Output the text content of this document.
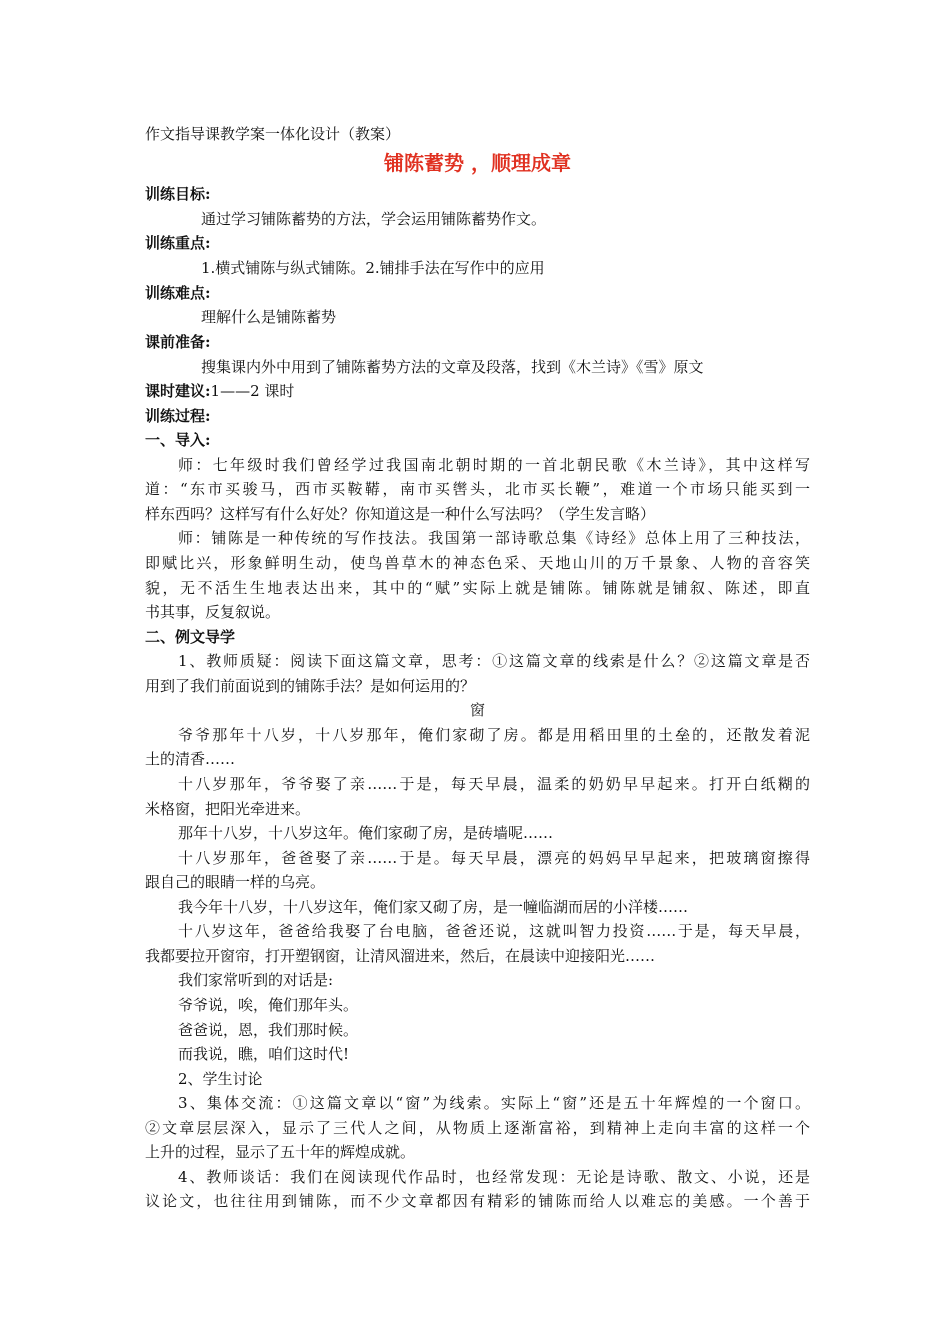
作文指导课教学案一体化设计（教案）
铺陈蓄势 ，顺理成章
训练目标:
通过学习铺陈蓄势的方法，学会运用铺陈蓄势作文。
训练重点:
1.横式铺陈与纵式铺陈。2.铺排手法在写作中的应用
训练难点:
理解什么是铺陈蓄势
课前准备:
搜集课内外中用到了铺陈蓄势方法的文章及段落，找到《木兰诗》《雪》原文
课时建议:1——2 课时
训练过程:
一、导入:
师：七年级时我们曾经学过我国南北朝时期的一首北朝民歌《木兰诗》，其中这样写
道：“东市买骏马，西市买鞍鞯，南市买辔头，北市买长鞭”，难道一个市场只能买到一
样东西吗？这样写有什么好处？你知道这是一种什么写法吗？（学生发言略）
师：铺陈是一种传统的写作技法。我国第一部诗歌总集《诗经》总体上用了三种技法，
即赋比兴，形象鲜明生动，使鸟兽草木的神态色采、天地山川的万千景象、人物的音容笑
貌，无不活生生地表达出来，其中的“赋”实际上就是铺陈。铺陈就是铺叙、陈述，即直
书其事，反复叙说。
二、例文导学
1、教师质疑：阅读下面这篇文章，思考：①这篇文章的线索是什么？②这篇文章是否
用到了我们前面说到的铺陈手法？是如何运用的？
窗
爷爷那年十八岁，十八岁那年，俺们家砌了房。都是用稻田里的土垒的，还散发着泥
土的清香……
十八岁那年，爷爷娶了亲……于是，每天早晨，温柔的奶奶早早起来。打开白纸糊的
米格窗，把阳光牵进来。
那年十八岁，十八岁这年。俺们家砌了房，是砖墙呢……
十八岁那年，爸爸娶了亲……于是。每天早晨，漂亮的妈妈早早起来，把玻璃窗擦得
跟自己的眼睛一样的乌亮。
我今年十八岁，十八岁这年，俺们家又砌了房，是一幢临湖而居的小洋楼……
十八岁这年，爸爸给我娶了台电脑，爸爸还说，这就叫智力投资……于是，每天早晨，
我都要拉开窗帘，打开塑钢窗，让清风溜进来，然后，在晨读中迎接阳光……
我们家常听到的对话是:
爷爷说，唉，俺们那年头。
爸爸说，恩，我们那时候。
而我说，瞧，咱们这时代!
2、学生讨论
3、集体交流：①这篇文章以“窗”为线索。实际上“窗”还是五十年辉煌的一个窗口。
②文章层层深入，显示了三代人之间，从物质上逐渐富裕，到精神上走向丰富的这样一个
上升的过程，显示了五十年的辉煌成就。
4、教师谈话：我们在阅读现代作品时，也经常发现：无论是诗歌、散文、小说，还是
议论文，也往往用到铺陈，而不少文章都因有精彩的铺陈而给人以难忘的美感。一个善于
